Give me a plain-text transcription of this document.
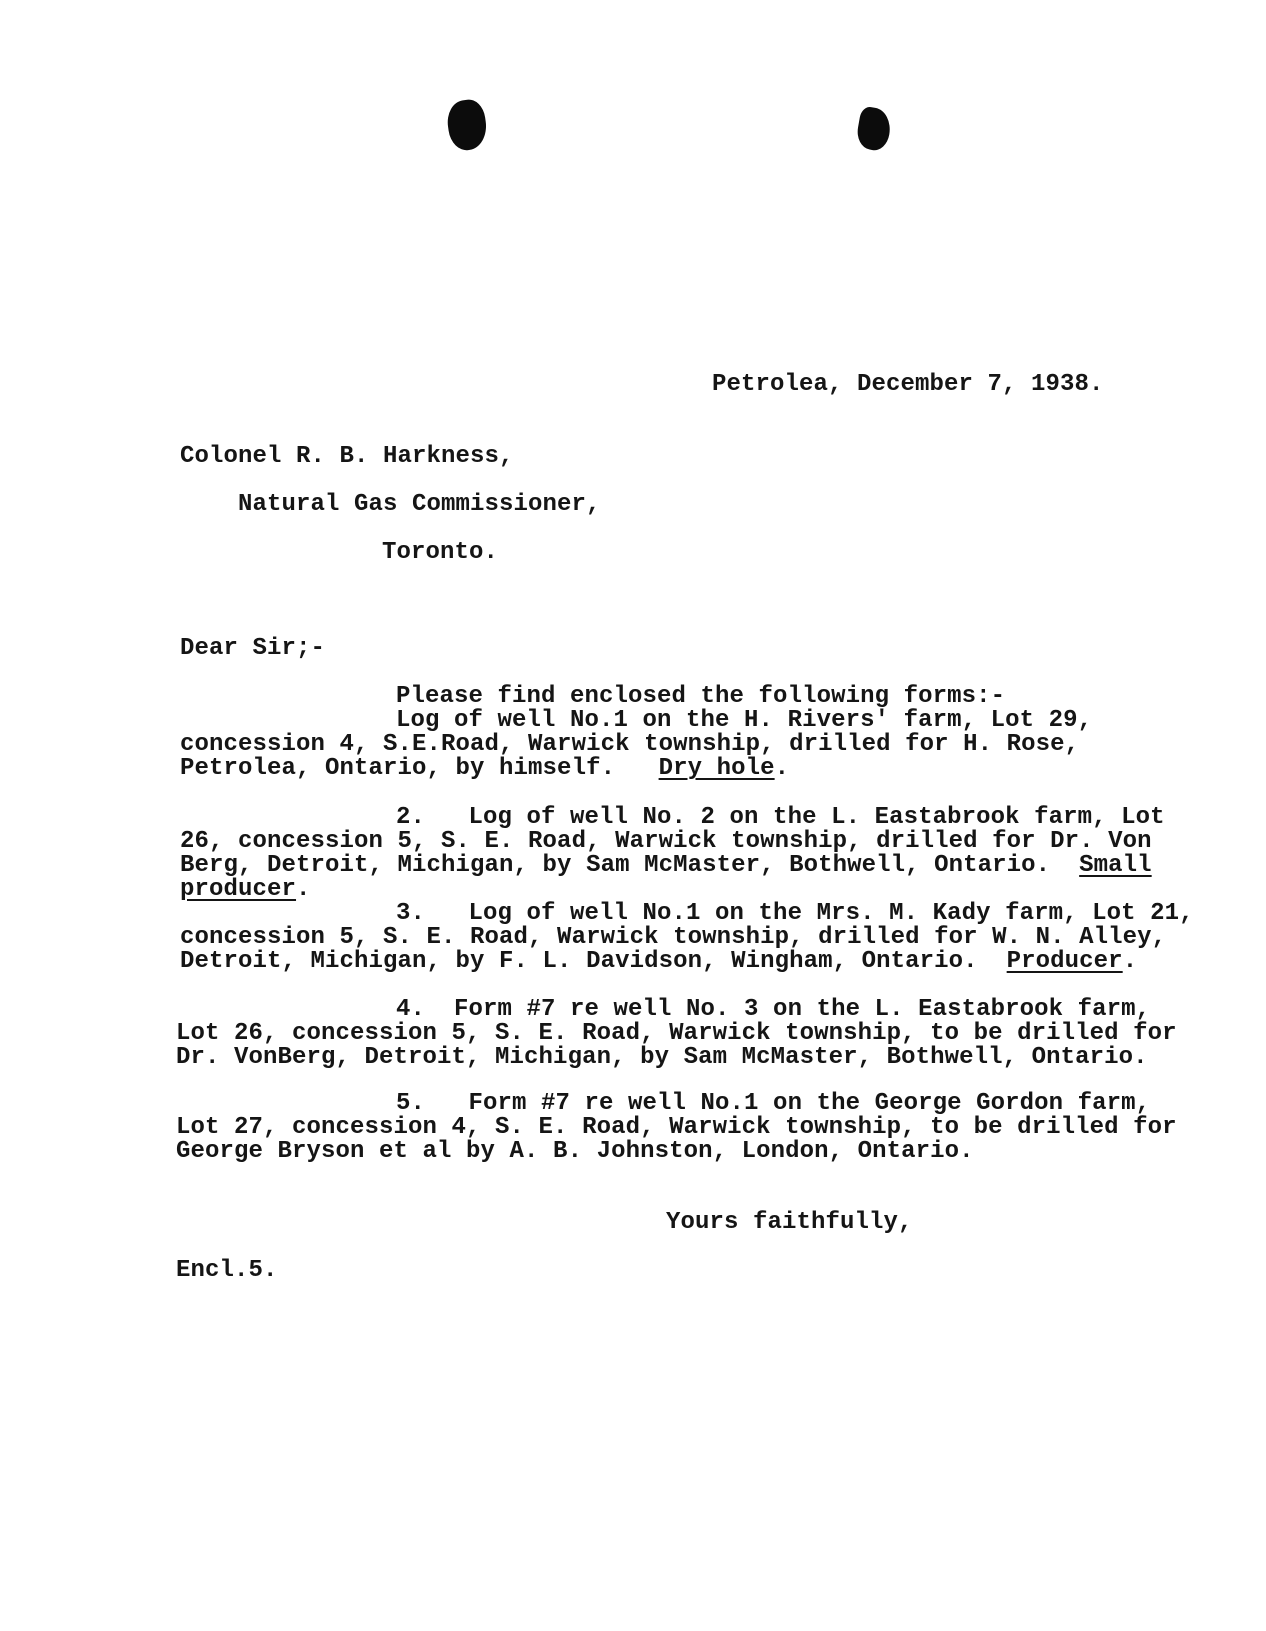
Petrolea, December 7, 1938.
Colonel R. B. Harkness,
Natural Gas Commissioner,
Toronto.
Dear Sir;-
Please find enclosed the following forms:-
Log of well No.1 on the H. Rivers' farm, Lot 29,
concession 4, S.E.Road, Warwick township, drilled for H. Rose,
Petrolea, Ontario, by himself. Dry hole.
2.   Log of well No. 2 on the L. Eastabrook farm, Lot
26, concession 5, S. E. Road, Warwick township, drilled for Dr. Von
Berg, Detroit, Michigan, by Sam McMaster, Bothwell, Ontario. Small
producer.
3.   Log of well No.1 on the Mrs. M. Kady farm, Lot 21,
concession 5, S. E. Road, Warwick township, drilled for W. N. Alley,
Detroit, Michigan, by F. L. Davidson, Wingham, Ontario. Producer.
4.  Form #7 re well No. 3 on the L. Eastabrook farm,
Lot 26, concession 5, S. E. Road, Warwick township, to be drilled for
Dr. VonBerg, Detroit, Michigan, by Sam McMaster, Bothwell, Ontario.
5.   Form #7 re well No.1 on the George Gordon farm,
Lot 27, concession 4, S. E. Road, Warwick township, to be drilled for
George Bryson et al by A. B. Johnston, London, Ontario.
Yours faithfully,
Encl.5.
